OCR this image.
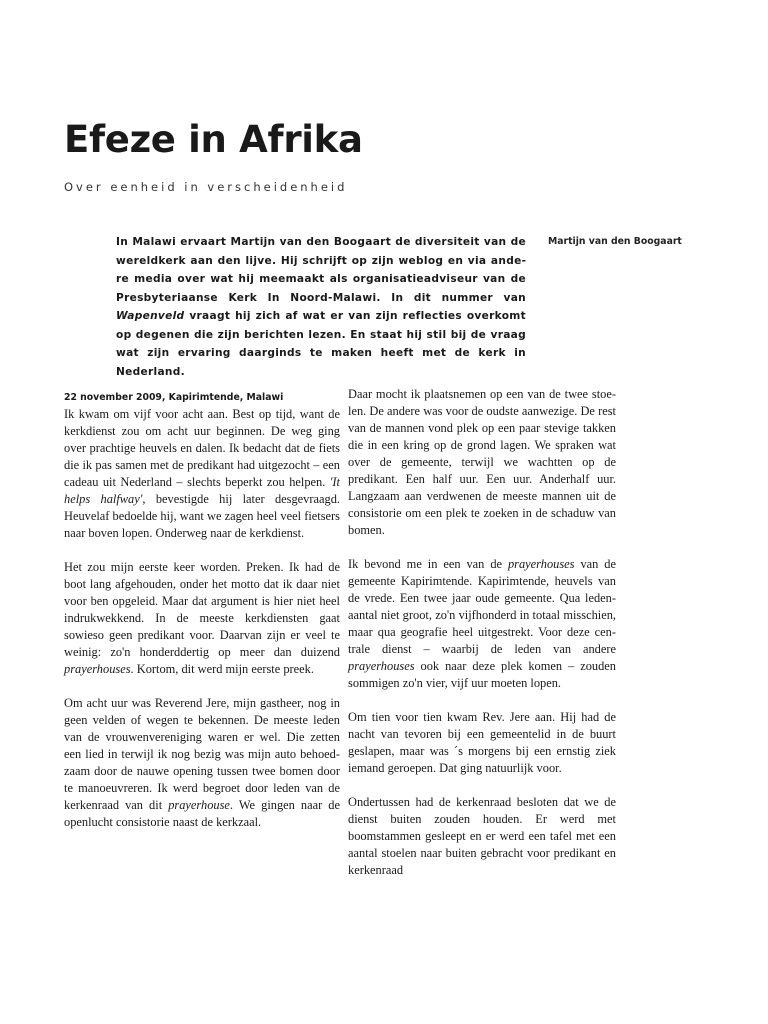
Efeze in Afrika

Over eenheid in verscheidenheid

In Malawi ervaart Martijn van den Boogaart de diversiteit van de wereldkerk aan den lijve. Hij schrijft op zijn weblog en via andere media over wat hij meemaakt als organisatieadviseur van de Presbyteriaanse Kerk In Noord-Malawi. In dit nummer van Wapenveld vraagt hij zich af wat er van zijn reflecties overkomt op degenen die zijn berichten lezen. En staat hij stil bij de vraag wat zijn ervaring daarginds te maken heeft met de kerk in Nederland.

Martijn van den Boogaart

22 november 2009, Kapirimtende, Malawi

Ik kwam om vijf voor acht aan. Best op tijd, want de kerkdienst zou om acht uur beginnen. De weg ging over prachtige heuvels en dalen. Ik bedacht dat de fiets die ik pas samen met de predikant had uitgezocht – een cadeau uit Nederland – slechts beperkt zou helpen. 'It helps halfway', bevestigde hij later desgevraagd. Heuvelaf bedoelde hij, want we zagen heel veel fietsers naar boven lopen. Onderweg naar de kerkdienst.

Het zou mijn eerste keer worden. Preken. Ik had de boot lang afgehouden, onder het motto dat ik daar niet voor ben opgeleid. Maar dat argument is hier niet heel indrukwekkend. In de meeste kerkdiensten gaat sowieso geen predikant voor. Daarvan zijn er veel te weinig: zo'n honderddertig op meer dan duizend prayerhouses. Kortom, dit werd mijn eerste preek.

Om acht uur was Reverend Jere, mijn gastheer, nog in geen velden of wegen te bekennen. De meeste leden van de vrouwenvereniging waren er wel. Die zetten een lied in terwijl ik nog bezig was mijn auto behoedzaam door de nauwe opening tussen twee bomen door te manoeuvreren. Ik werd begroet door leden van de kerkenraad van dit prayerhouse. We gingen naar de openlucht consistorie naast de kerkzaal.

Daar mocht ik plaatsnemen op een van de twee stoelen. De andere was voor de oudste aanwezige. De rest van de mannen vond plek op een paar stevige takken die in een kring op de grond lagen. We spraken wat over de gemeente, terwijl we wachtten op de predikant. Een half uur. Een uur. Anderhalf uur. Langzaam aan verdwenen de meeste mannen uit de consistorie om een plek te zoeken in de schaduw van bomen.

Ik bevond me in een van de prayerhouses van de gemeente Kapirimtende. Kapirimtende, heuvels van de vrede. Een twee jaar oude gemeente. Qua ledenaantal niet groot, zo'n vijfhonderd in totaal misschien, maar qua geografie heel uitgestrekt. Voor deze centrale dienst – waarbij de leden van andere prayerhouses ook naar deze plek komen – zouden sommigen zo'n vier, vijf uur moeten lopen.

Om tien voor tien kwam Rev. Jere aan. Hij had de nacht van tevoren bij een gemeentelid in de buurt geslapen, maar was ´s morgens bij een ernstig ziek iemand geroepen. Dat ging natuurlijk voor.

Ondertussen had de kerkenraad besloten dat we de dienst buiten zouden houden. Er werd met boomstammen gesleept en er werd een tafel met een aantal stoelen naar buiten gebracht voor predikant en kerkenraad
